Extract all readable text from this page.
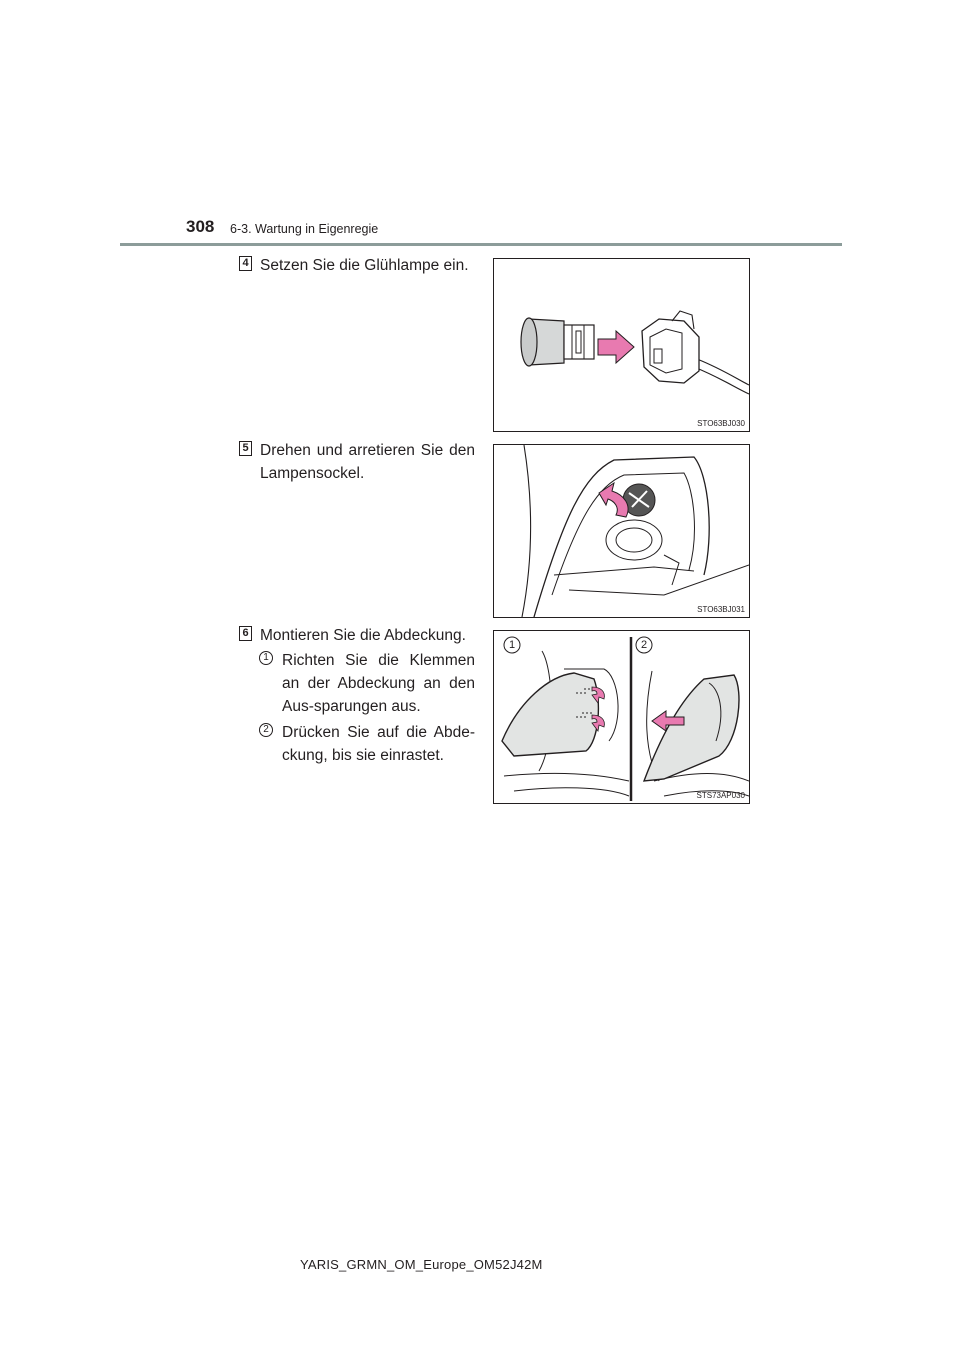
308 6-3. Wartung in Eigenregie
4 Setzen Sie die Glühlampe ein.
STO63BJ030
5 Drehen und arretieren Sie den Lampensockel.
STO63BJ031
6 Montieren Sie die Abdeckung.
1 Richten Sie die Klemmen an der Abdeckung an den Aus-sparungen aus.
2 Drücken Sie auf die Abde-ckung, bis sie einrastet.
1	2
STS73AP030
YARIS_GRMN_OM_Europe_OM52J42M
